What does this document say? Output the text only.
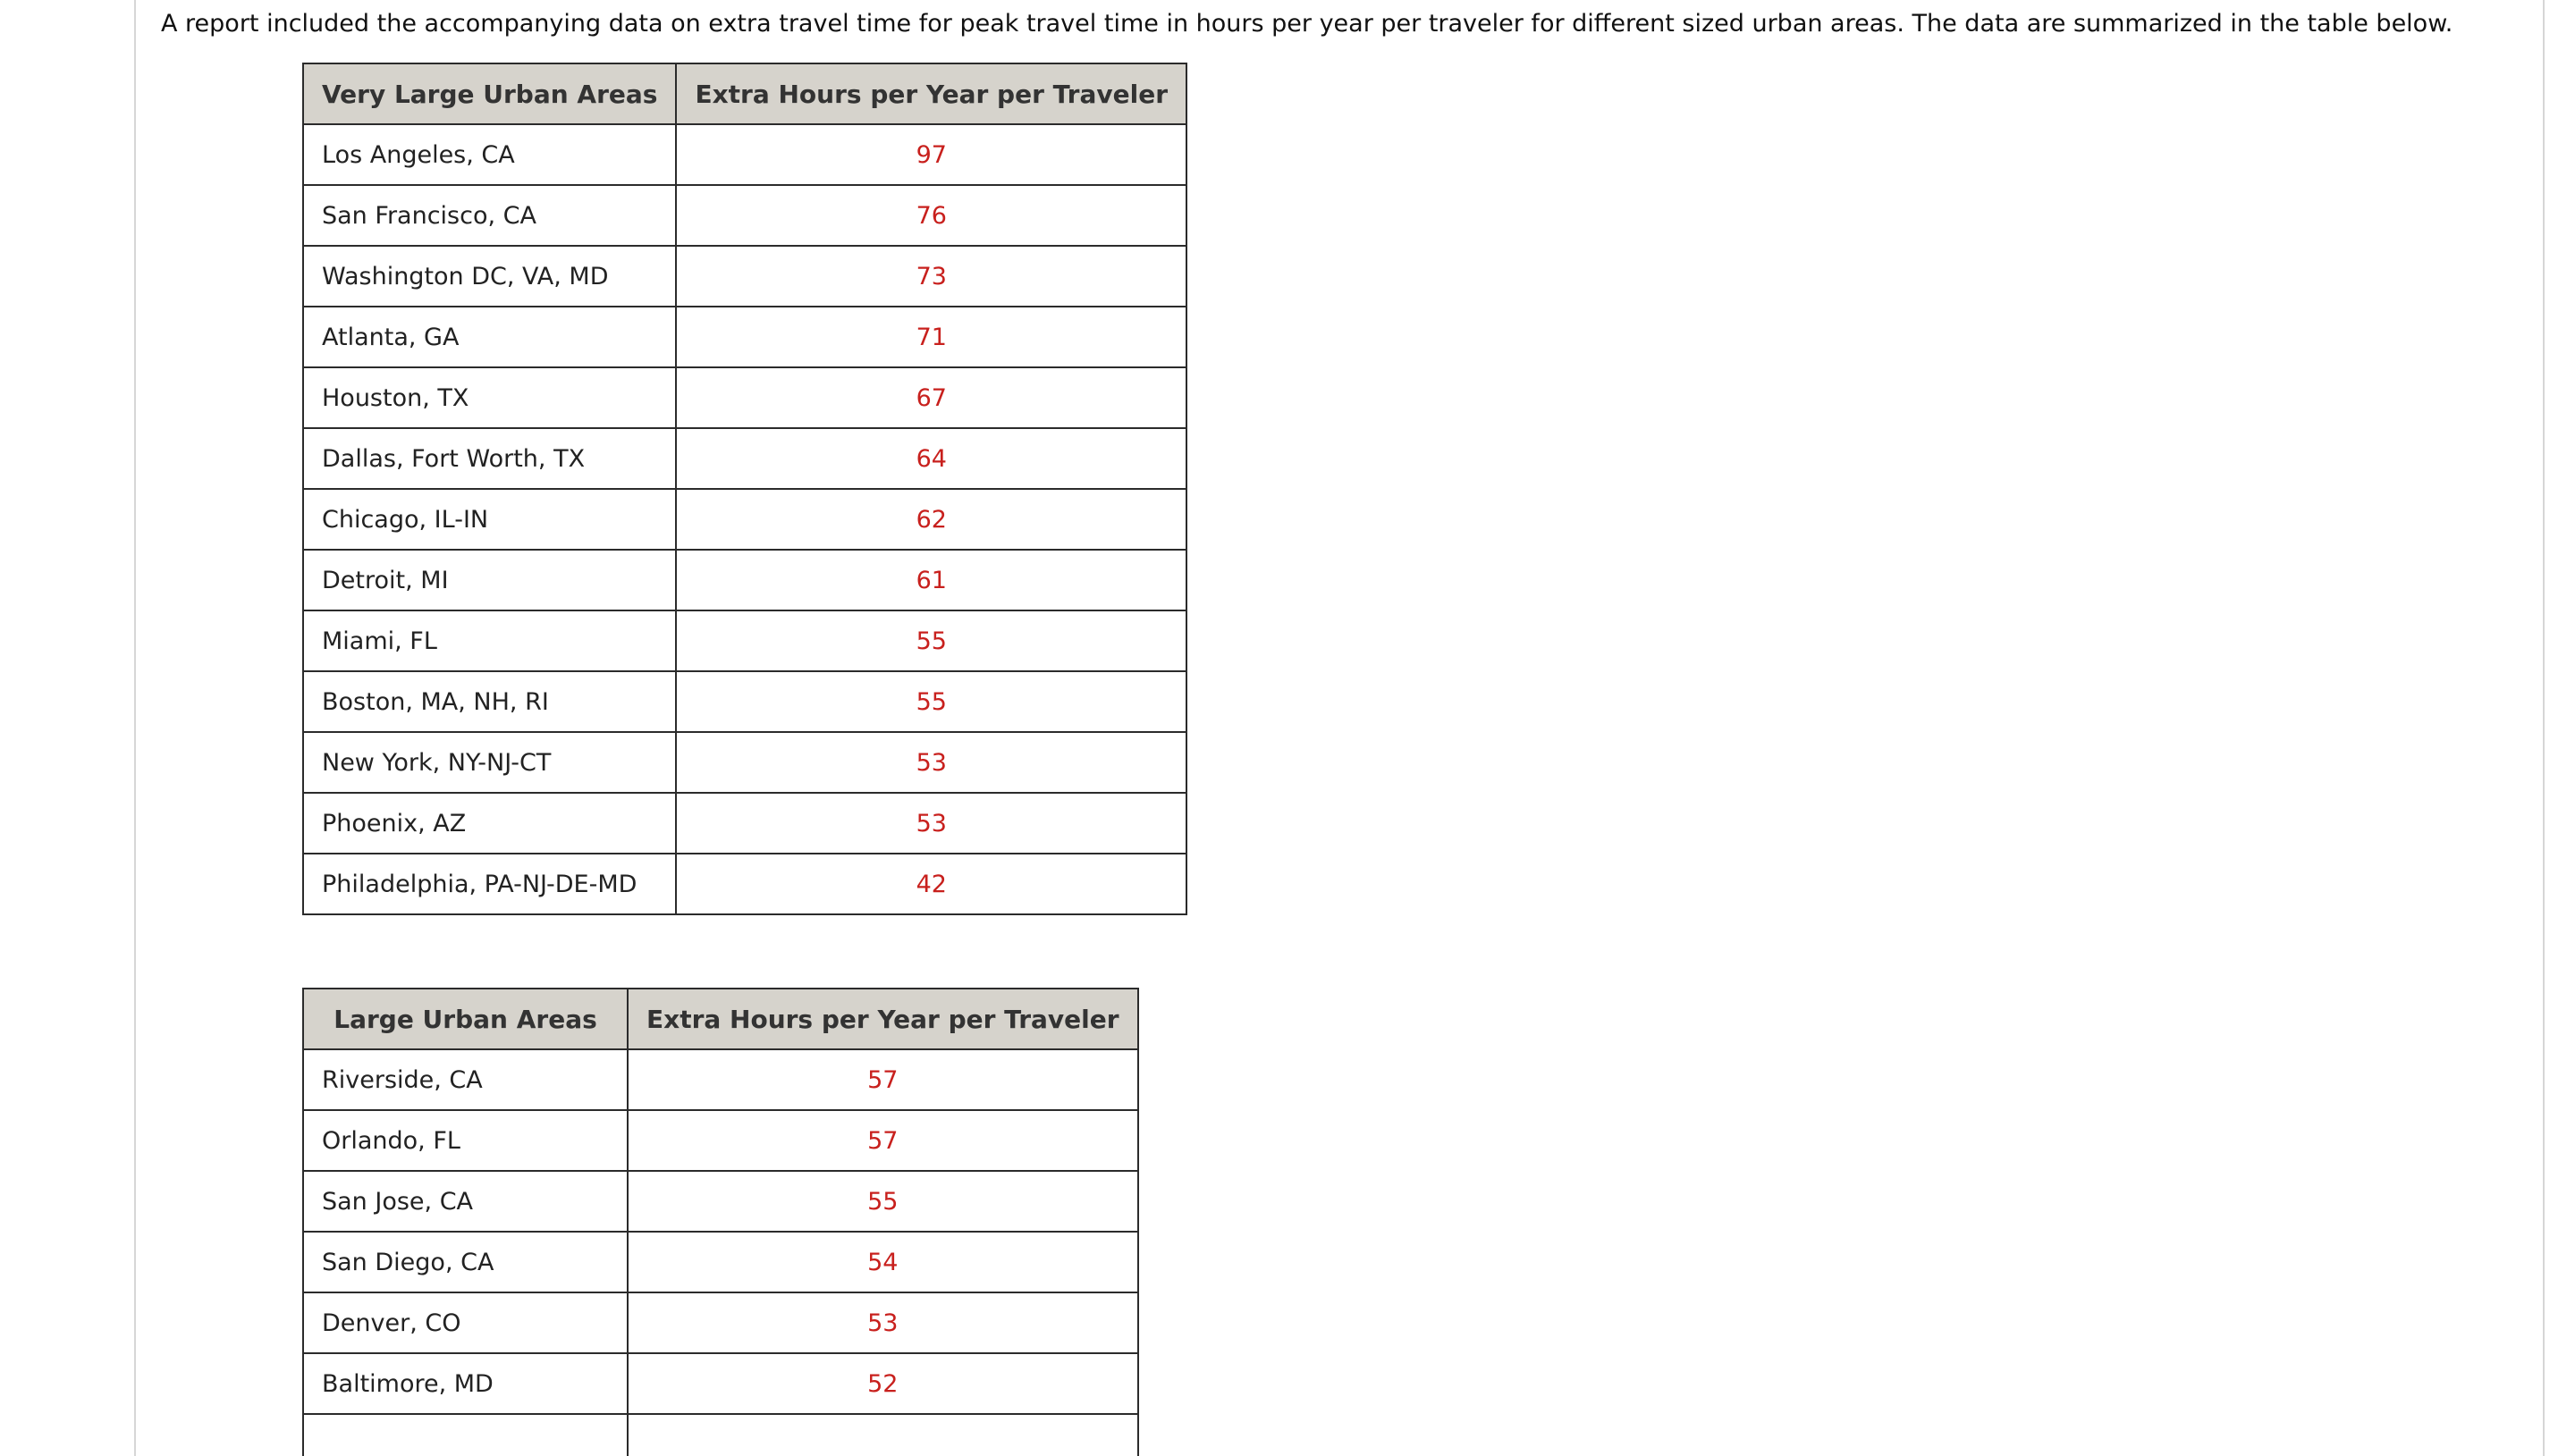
A report included the accompanying data on extra travel time for peak travel time in hours per year per traveler for different sized urban areas. The data are summarized in the table below.
Very Large Urban Areas	Extra Hours per Year per Traveler
Los Angeles, CA	97
San Francisco, CA	76
Washington DC, VA, MD	73
Atlanta, GA	71
Houston, TX	67
Dallas, Fort Worth, TX	64
Chicago, IL-IN	62
Detroit, MI	61
Miami, FL	55
Boston, MA, NH, RI	55
New York, NY-NJ-CT	53
Phoenix, AZ	53
Philadelphia, PA-NJ-DE-MD	42
Large Urban Areas	Extra Hours per Year per Traveler
Riverside, CA	57
Orlando, FL	57
San Jose, CA	55
San Diego, CA	54
Denver, CO	53
Baltimore, MD	52
